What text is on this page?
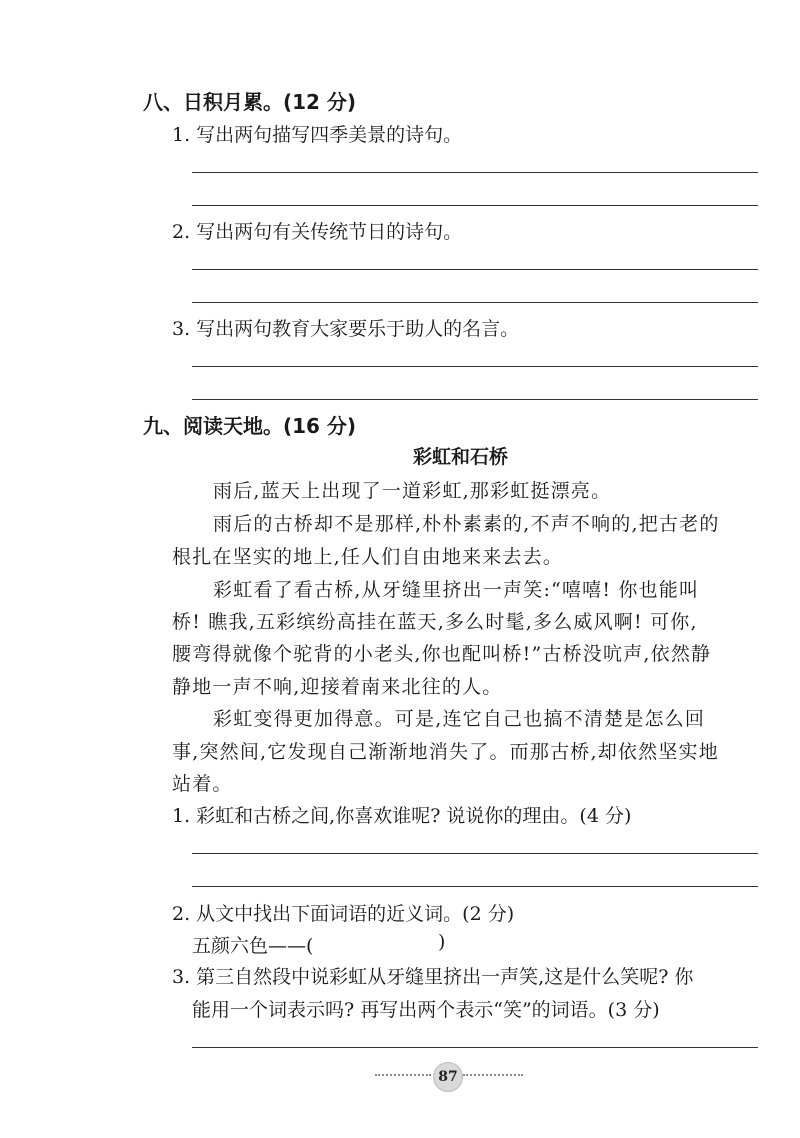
八、日积月累。(12 分)
1. 写出两句描写四季美景的诗句。
2. 写出两句有关传统节日的诗句。
3. 写出两句教育大家要乐于助人的名言。
九、阅读天地。(16 分)
彩虹和石桥
雨后,蓝天上出现了一道彩虹,那彩虹挺漂亮。
雨后的古桥却不是那样,朴朴素素的,不声不响的,把古老的
根扎在坚实的地上,任人们自由地来来去去。
彩虹看了看古桥,从牙缝里挤出一声笑:“嘻嘻! 你也能叫
桥! 瞧我,五彩缤纷高挂在蓝天,多么时髦,多么威风啊! 可你,
腰弯得就像个驼背的小老头,你也配叫桥!”古桥没吭声,依然静
静地一声不响,迎接着南来北往的人。
彩虹变得更加得意。可是,连它自己也搞不清楚是怎么回
事,突然间,它发现自己渐渐地消失了。而那古桥,却依然坚实地
站着。
1. 彩虹和古桥之间,你喜欢谁呢? 说说你的理由。(4 分)
2. 从文中找出下面词语的近义词。(2 分)
五颜六色——(	)
3. 第三自然段中说彩虹从牙缝里挤出一声笑,这是什么笑呢? 你
能用一个词表示吗? 再写出两个表示“笑”的词语。(3 分)
87
